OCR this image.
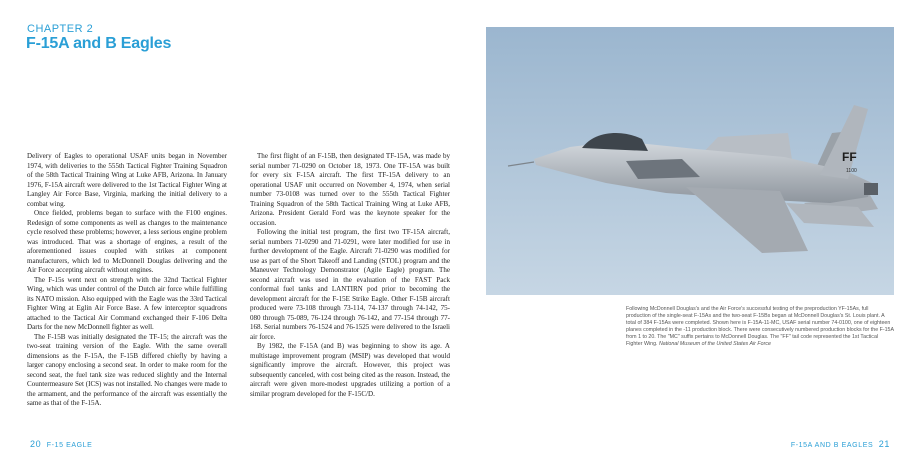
CHAPTER 2
F-15A and B Eagles

Delivery of Eagles to operational USAF units began in November 1974, with deliveries to the 555th Tactical Fighter Training Squadron of the 58th Tactical Training Wing at Luke AFB, Arizona. In January 1976, F-15A aircraft were delivered to the 1st Tactical Fighter Wing at Langley Air Force Base, Virginia, marking the initial delivery to a combat wing.

Once fielded, problems began to surface with the F100 engines. Redesign of some components as well as changes to the maintenance cycle resolved these problems; however, a less serious engine problem was introduced. That was a shortage of engines, a result of the aforementioned issues coupled with strikes at component manufacturers, which led to McDonnell Douglas delivering and the Air Force accepting aircraft without engines.

The F-15s went next on strength with the 32nd Tactical Fighter Wing, which was under control of the Dutch air force while fulfilling its NATO mission. Also equipped with the Eagle was the 33rd Tactical Fighter Wing at Eglin Air Force Base. A few interceptor squadrons attached to the Tactical Air Command exchanged their F-106 Delta Darts for the new McDonnell fighter as well.

The F-15B was initially designated the TF-15; the aircraft was the two-seat training version of the Eagle. With the same overall dimensions as the F-15A, the F-15B differed chiefly by having a larger canopy enclosing a second seat. In order to make room for the second seat, the fuel tank size was reduced slightly and the Internal Countermeasure Set (ICS) was not installed. No changes were made to the armament, and the performance of the aircraft was essentially the same as that of the F-15A.

The first flight of an F-15B, then designated TF-15A, was made by serial number 71-0290 on October 18, 1973. One TF-15A was built for every six F-15A aircraft. The first TF-15A delivery to an operational USAF unit occurred on November 4, 1974, when serial number 73-0108 was turned over to the 555th Tactical Fighter Training Squadron of the 58th Tactical Training Wing at Luke AFB, Arizona. President Gerald Ford was the keynote speaker for the occasion.

Following the initial test program, the first two TF-15A aircraft, serial numbers 71-0290 and 71-0291, were later modified for use in further development of the Eagle. Aircraft 71-0290 was modified for use as part of the Short Takeoff and Landing (STOL) program and the Maneuver Technology Demonstrator (Agile Eagle) program. The second aircraft was used in the evaluation of the FAST Pack conformal fuel tanks and LANTIRN pod prior to becoming the development aircraft for the F-15E Strike Eagle. Other F-15B aircraft produced were 73-108 through 73-114, 74-137 through 74-142, 75-080 through 75-089, 76-124 through 76-142, and 77-154 through 77-168. Serial numbers 76-1524 and 76-1525 were delivered to the Israeli air force.

By 1982, the F-15A (and B) was beginning to show its age. A multistage improvement program (MSIP) was developed that would significantly improve the aircraft. However, this project was subsequently canceled, with cost being cited as the reason. Instead, the aircraft were given more-modest upgrades utilizing a portion of a similar program developed for the F-15C/D.

20 F-15 EAGLE	F-15A AND B EAGLES 21
FF
1100
Following McDonnell Douglas's and the Air Force's successful testing of the preproduction YF-15As, full production of the single-seat F-15As and the two-seat F-15Bs began at McDonnell Douglas's St. Louis plant. A total of 384 F-15As were completed. Shown here is F-15A-11-MC, USAF serial number 74-0100, one of eighteen planes completed in the -11 production block. There were consecutively numbered production blocks for the F-15A from 1 to 20. The "MC" suffix pertains to McDonnell Douglas. The "FF" tail code represented the 1st Tactical Fighter Wing. National Museum of the United States Air Force
